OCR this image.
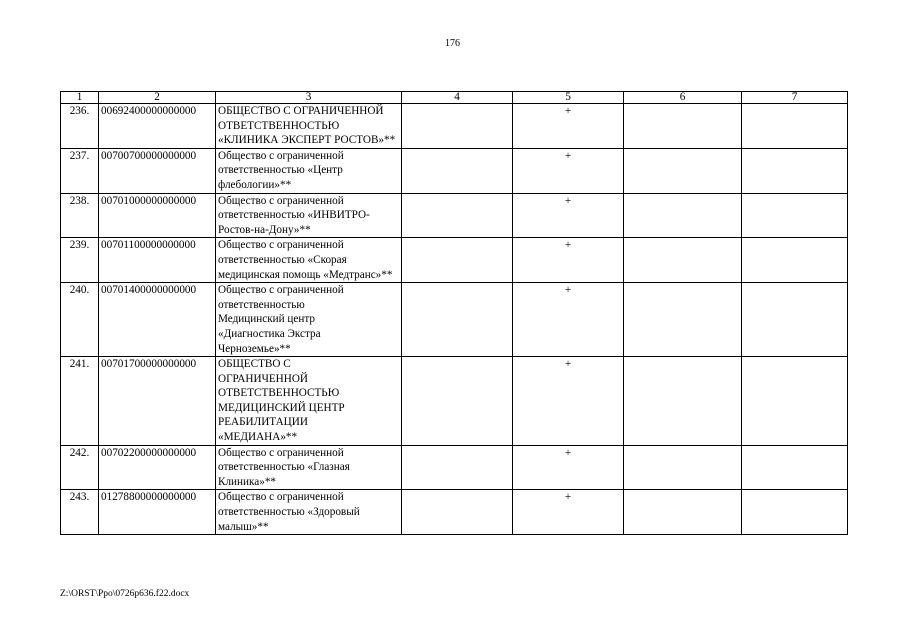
176
1	2	3	4	5	6	7
236.	00692400000000000	ОБЩЕСТВО С ОГРАНИЧЕННОЙ ОТВЕТСТВЕННОСТЬЮ «КЛИНИКА ЭКСПЕРТ РОСТОВ»**		+		
237.	00700700000000000	Общество с ограниченной ответственностью «Центр флебологии»**		+		
238.	00701000000000000	Общество с ограниченной ответственностью «ИНВИТРО-Ростов-на-Дону»**		+		
239.	00701100000000000	Общество с ограниченной ответственностью «Скорая медицинская помощь «Медтранс»**		+		
240.	00701400000000000	Общество с ограниченной ответственностью Медицинский центр «Диагностика Экстра Черноземье»**		+		
241.	00701700000000000	ОБЩЕСТВО С ОГРАНИЧЕННОЙ ОТВЕТСТВЕННОСТЬЮ МЕДИЦИНСКИЙ ЦЕНТР РЕАБИЛИТАЦИИ «МЕДИАНА»**		+		
242.	00702200000000000	Общество с ограниченной ответственностью «Глазная Клиника»**		+		
243.	01278800000000000	Общество с ограниченной ответственностью «Здоровый малыш»**		+		
Z:\ORST\Ppo\0726p636.f22.docx
